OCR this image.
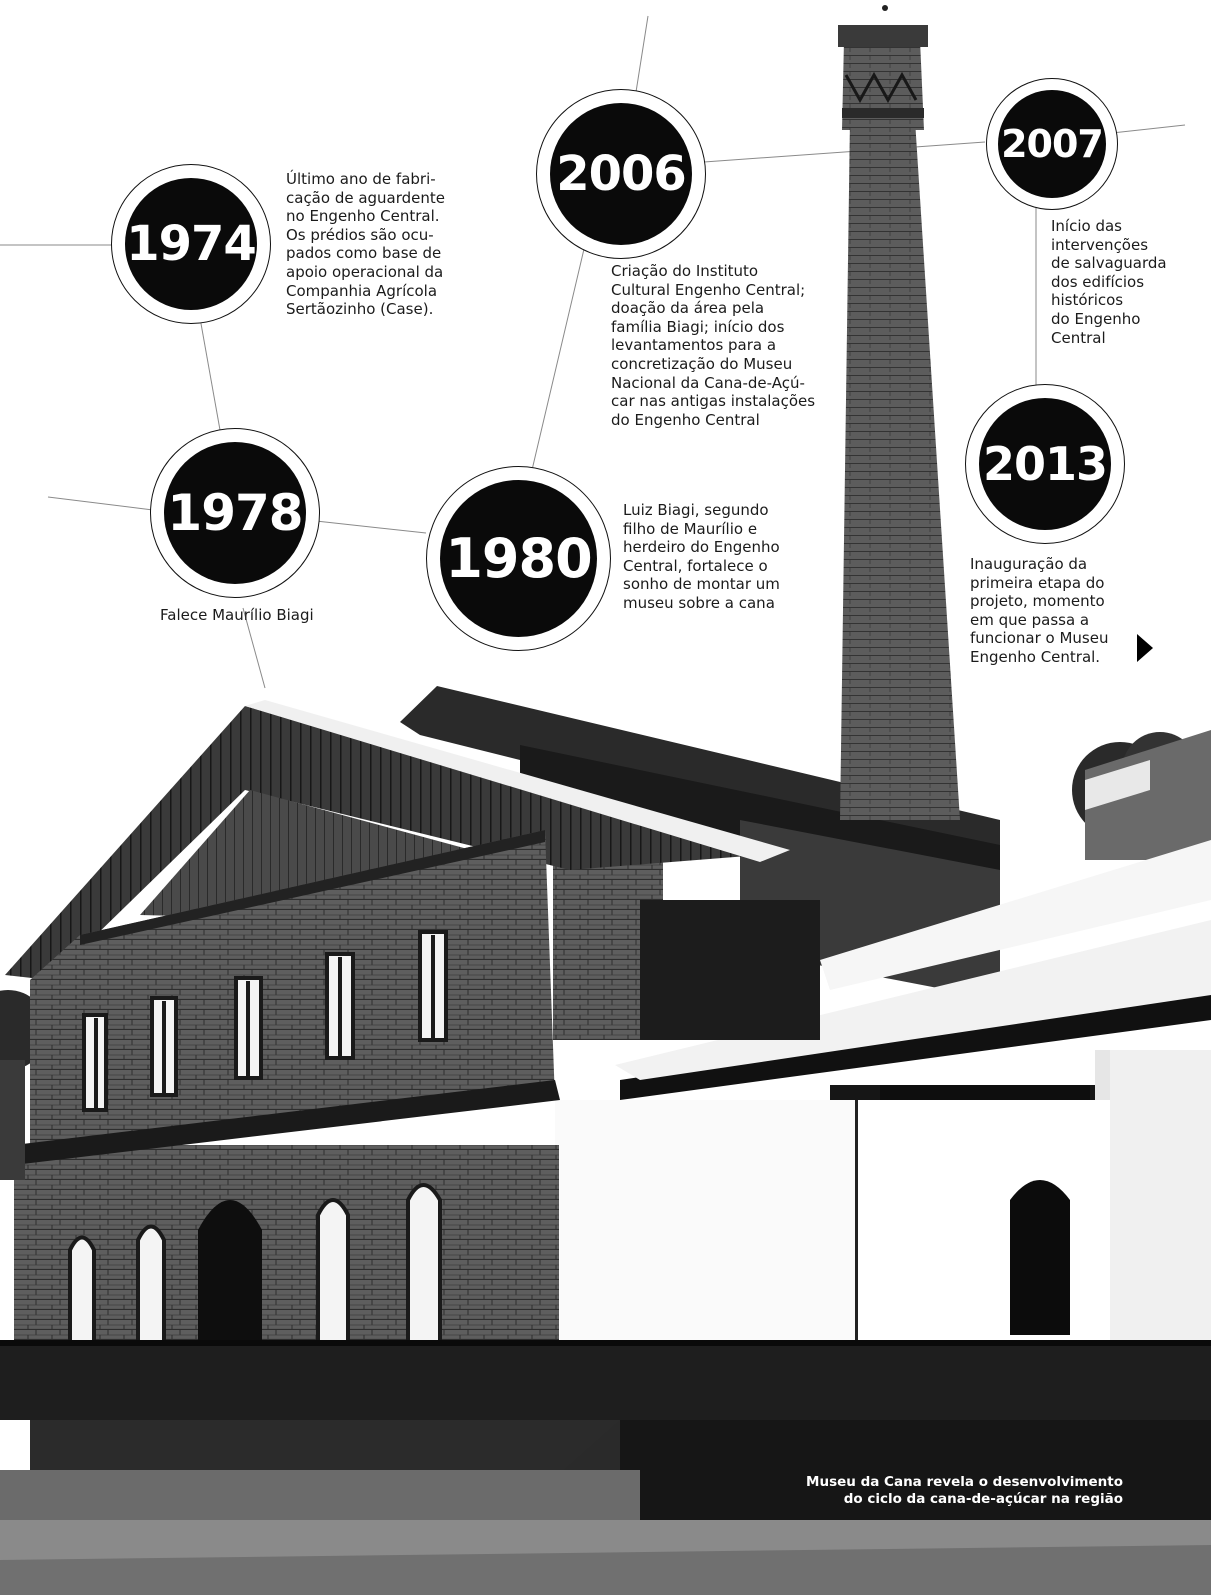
1974
1978
1980
2006
2007
2013
Último ano de fabri-
cação de aguardente
no Engenho Central.
Os prédios são ocu-
pados como base de
apoio operacional da
Companhia Agrícola
Sertãozinho (Case).
Falece Maurílio Biagi
Luiz Biagi, segundo
filho de Maurílio e
herdeiro do Engenho
Central, fortalece o
sonho de montar um
museu sobre a cana
Criação do Instituto
Cultural Engenho Central;
doação da área pela
família Biagi; início dos
levantamentos para a
concretização do Museu
Nacional da Cana-de-Açú-
car nas antigas instalações
do Engenho Central
Início das
intervenções
de salvaguarda
dos edifícios
históricos
do Engenho
Central
Inauguração da
primeira etapa do
projeto, momento
em que passa a
funcionar o Museu
Engenho Central.
Museu da Cana revela o desenvolvimento
do ciclo da cana-de-açúcar na região
